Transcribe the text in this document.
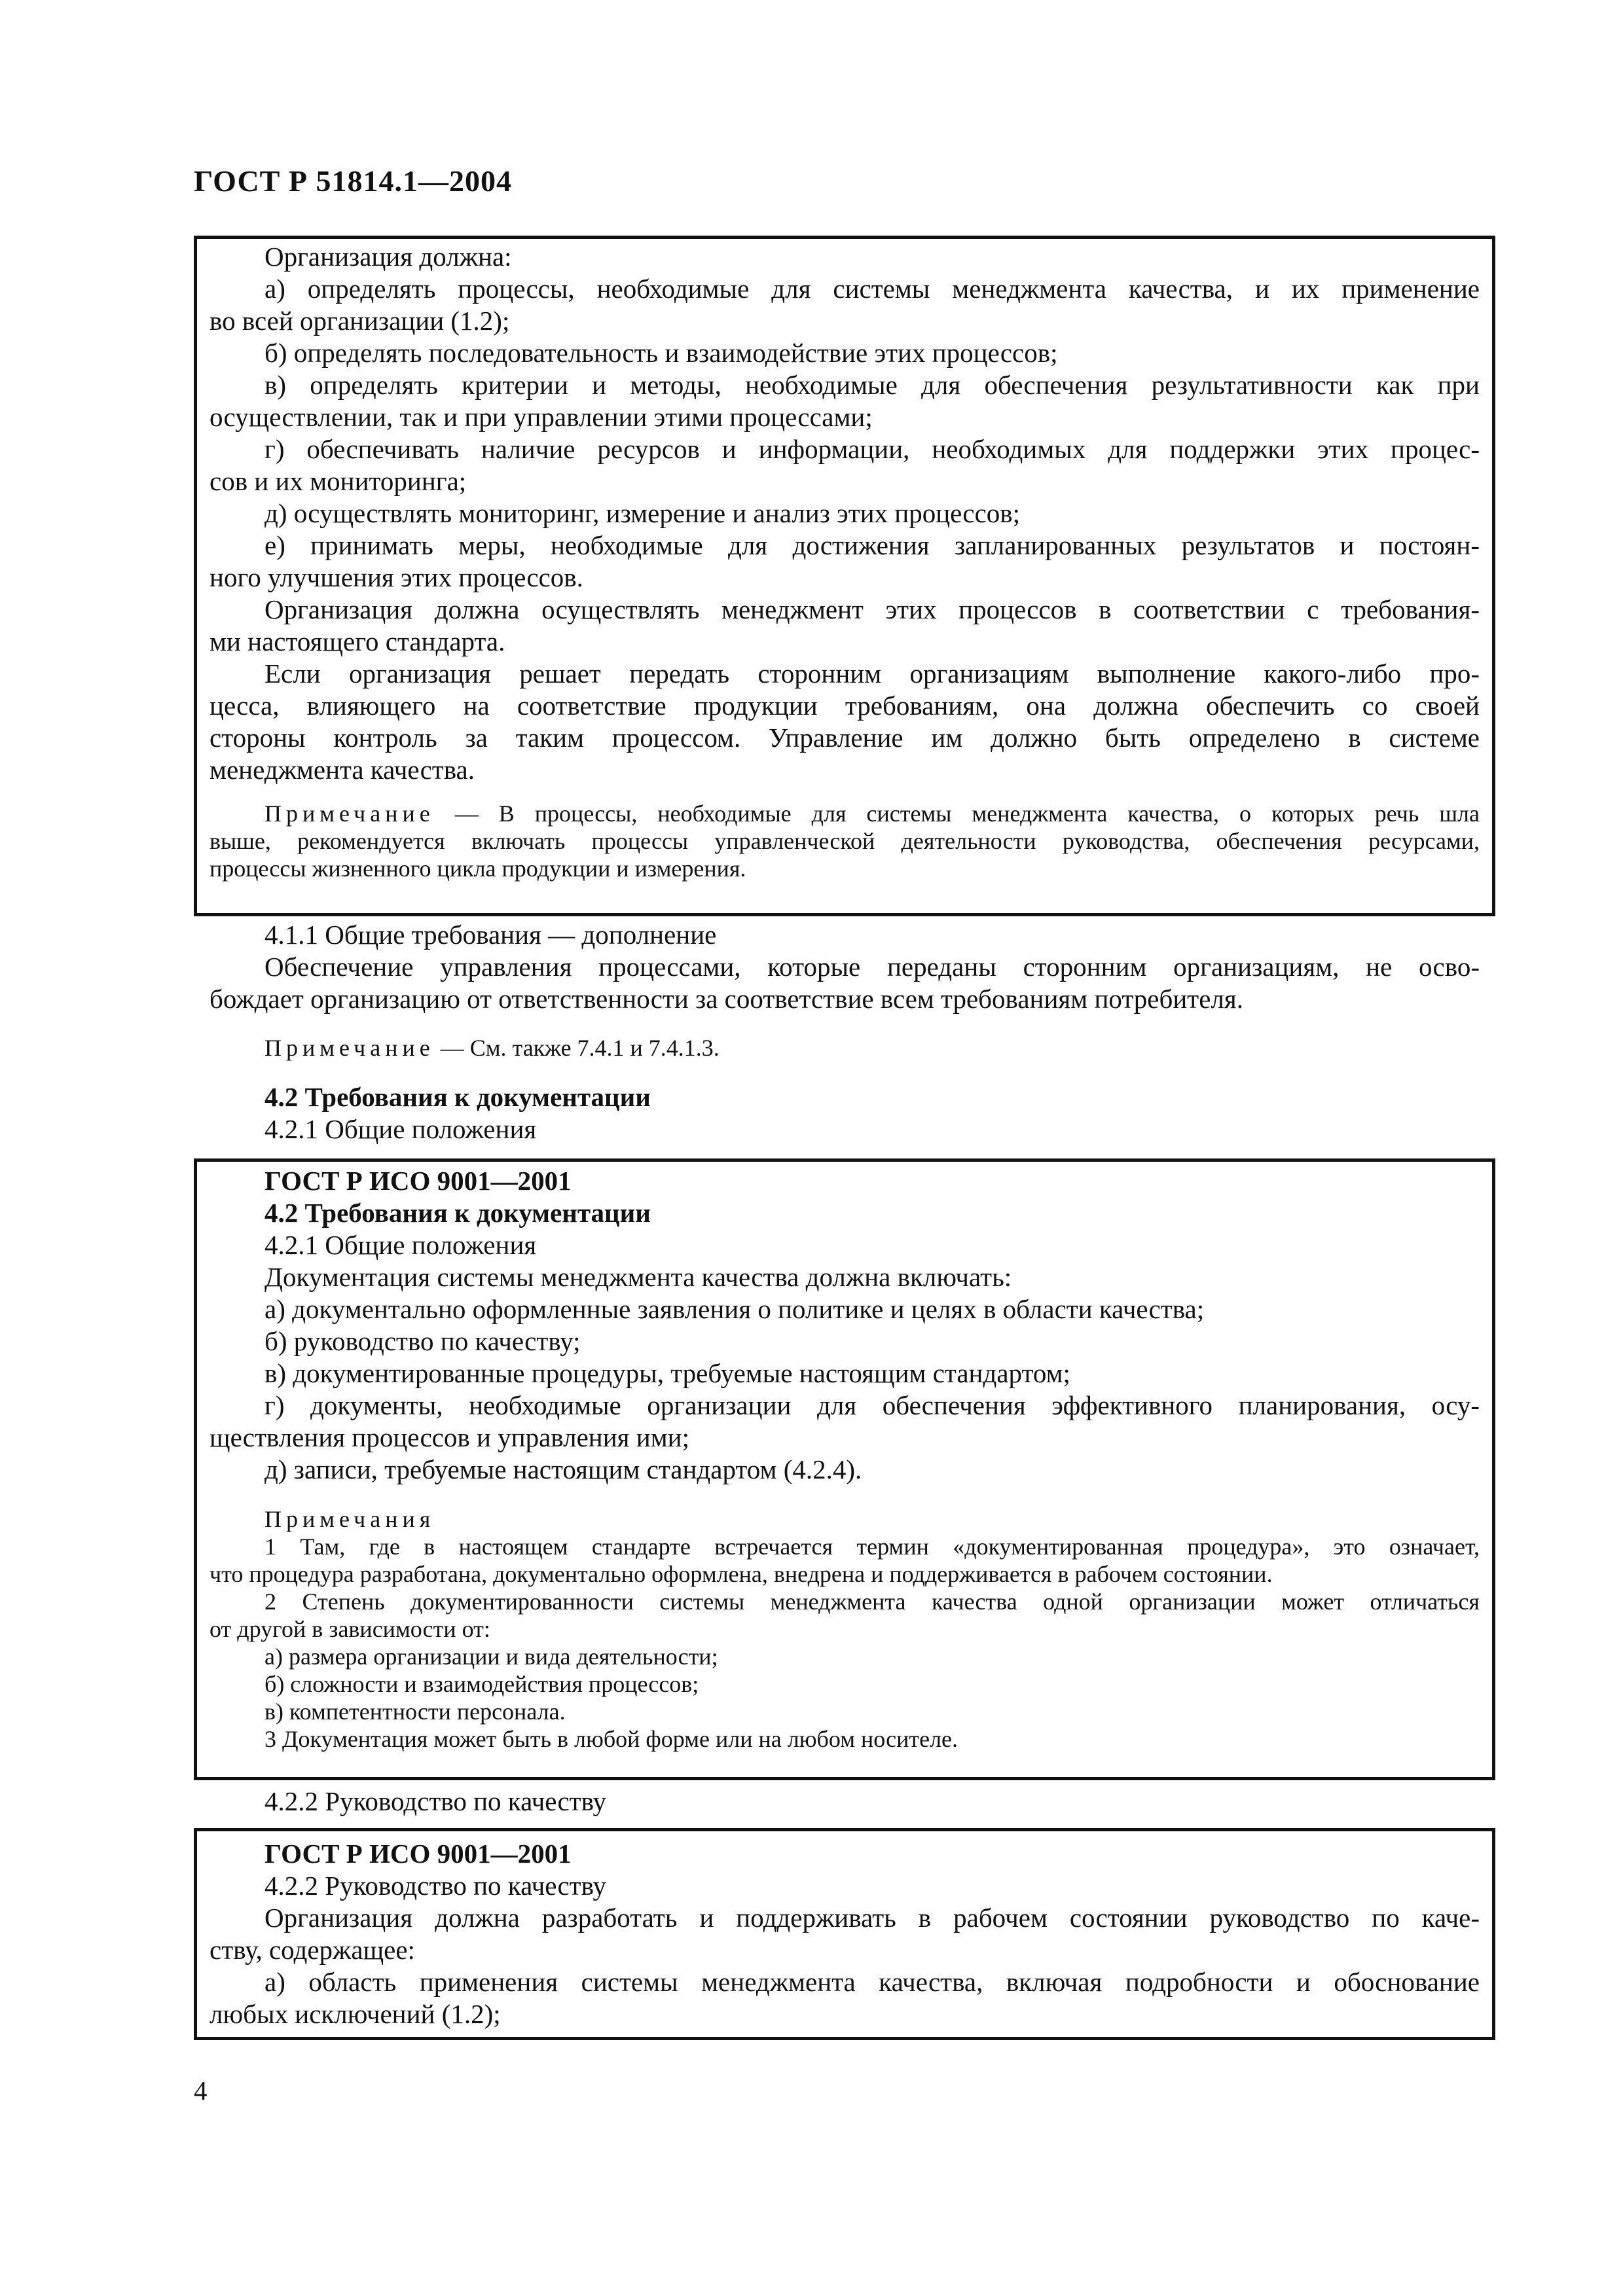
ГОСТ Р 51814.1—2004
Организация должна:
а) определять процессы, необходимые для системы менеджмента качества, и их применение
во всей организации (1.2);
б) определять последовательность и взаимодействие этих процессов;
в) определять критерии и методы, необходимые для обеспечения результативности как при
осуществлении, так и при управлении этими процессами;
г) обеспечивать наличие ресурсов и информации, необходимых для поддержки этих процес-
сов и их мониторинга;
д) осуществлять мониторинг, измерение и анализ этих процессов;
е) принимать меры, необходимые для достижения запланированных результатов и постоян-
ного улучшения этих процессов.
Организация должна осуществлять менеджмент этих процессов в соответствии с требования-
ми настоящего стандарта.
Если организация решает передать сторонним организациям выполнение какого-либо про-
цесса, влияющего на соответствие продукции требованиям, она должна обеспечить со своей
стороны контроль за таким процессом. Управление им должно быть определено в системе
менеджмента качества.
Примечание — В процессы, необходимые для системы менеджмента качества, о которых речь шла
выше, рекомендуется включать процессы управленческой деятельности руководства, обеспечения ресурсами,
процессы жизненного цикла продукции и измерения.
4.1.1 Общие требования — дополнение
Обеспечение управления процессами, которые переданы сторонним организациям, не осво-
бождает организацию от ответственности за соответствие всем требованиям потребителя.
Примечание — См. также 7.4.1 и 7.4.1.3.
4.2 Требования к документации
4.2.1 Общие положения
ГОСТ Р ИСО 9001—2001
4.2 Требования к документации
4.2.1 Общие положения
Документация системы менеджмента качества должна включать:
а) документально оформленные заявления о политике и целях в области качества;
б) руководство по качеству;
в) документированные процедуры, требуемые настоящим стандартом;
г) документы, необходимые организации для обеспечения эффективного планирования, осу-
ществления процессов и управления ими;
д) записи, требуемые настоящим стандартом (4.2.4).
Примечания
1 Там, где в настоящем стандарте встречается термин «документированная процедура», это означает,
что процедура разработана, документально оформлена, внедрена и поддерживается в рабочем состоянии.
2 Степень документированности системы менеджмента качества одной организации может отличаться
от другой в зависимости от:
а) размера организации и вида деятельности;
б) сложности и взаимодействия процессов;
в) компетентности персонала.
3 Документация может быть в любой форме или на любом носителе.
4.2.2 Руководство по качеству
ГОСТ Р ИСО 9001—2001
4.2.2 Руководство по качеству
Организация должна разработать и поддерживать в рабочем состоянии руководство по каче-
ству, содержащее:
а) область применения системы менеджмента качества, включая подробности и обоснование
любых исключений (1.2);
4
